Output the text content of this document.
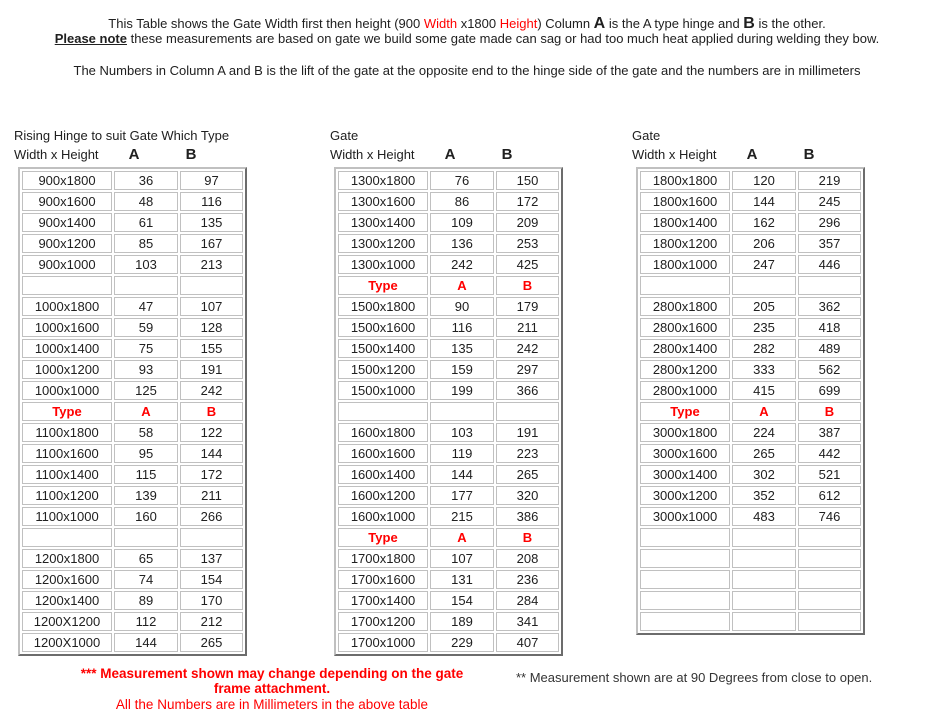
This Table shows the Gate Width first then height (900 Width x1800 Height) Column A is the A type hinge and B is the other.
Please note these measurements are based on gate we build some gate made can sag or had too much heat applied during welding they bow.
The Numbers in Column A and B is the lift of the gate at the opposite end to the hinge side of the gate and the numbers are in millimeters
Rising Hinge to suit Gate Which Type
Width x Height	A	B
900x1800	36	97
900x1600	48	116
900x1400	61	135
900x1200	85	167
900x1000	103	213

1000x1800	47	107
1000x1600	59	128
1000x1400	75	155
1000x1200	93	191
1000x1000	125	242
Type	A	B
1100x1800	58	122
1100x1600	95	144
1100x1400	115	172
1100x1200	139	211
1100x1000	160	266

1200x1800	65	137
1200x1600	74	154
1200x1400	89	170
1200X1200	112	212
1200X1000	144	265
Gate
Width x Height	A	B
1300x1800	76	150
1300x1600	86	172
1300x1400	109	209
1300x1200	136	253
1300x1000	242	425
Type	A	B
1500x1800	90	179
1500x1600	116	211
1500x1400	135	242
1500x1200	159	297
1500x1000	199	366

1600x1800	103	191
1600x1600	119	223
1600x1400	144	265
1600x1200	177	320
1600x1000	215	386
Type	A	B
1700x1800	107	208
1700x1600	131	236
1700x1400	154	284
1700x1200	189	341
1700x1000	229	407
Gate
Width x Height	A	B
1800x1800	120	219
1800x1600	144	245
1800x1400	162	296
1800x1200	206	357
1800x1000	247	446

2800x1800	205	362
2800x1600	235	418
2800x1400	282	489
2800x1200	333	562
2800x1000	415	699
Type	A	B
3000x1800	224	387
3000x1600	265	442
3000x1400	302	521
3000x1200	352	612
3000x1000	483	746

*** Measurement shown may change depending on the gate frame attachment.
All the Numbers are in Millimeters in the above table
** Measurement shown are at 90 Degrees from close to open.
